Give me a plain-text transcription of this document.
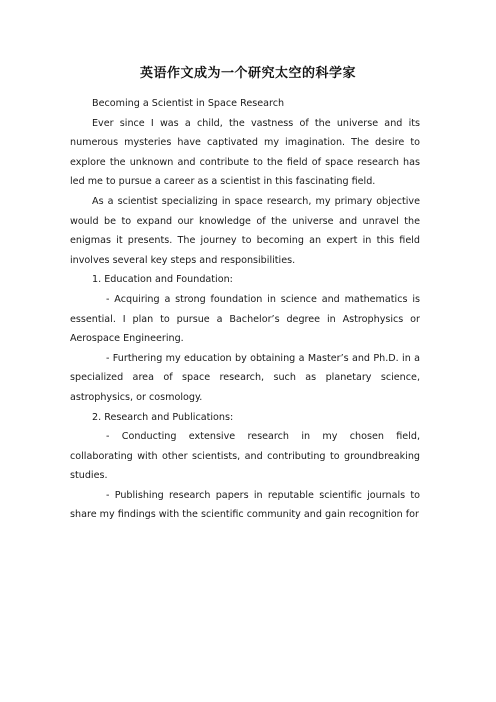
英语作文成为一个研究太空的科学家

Becoming a Scientist in Space Research

Ever since I was a child, the vastness of the universe and its numerous mysteries have captivated my imagination. The desire to explore the unknown and contribute to the field of space research has led me to pursue a career as a scientist in this fascinating field.

As a scientist specializing in space research, my primary objective would be to expand our knowledge of the universe and unravel the enigmas it presents. The journey to becoming an expert in this field involves several key steps and responsibilities.

1. Education and Foundation:

- Acquiring a strong foundation in science and mathematics is essential. I plan to pursue a Bachelor’s degree in Astrophysics or Aerospace Engineering.

- Furthering my education by obtaining a Master’s and Ph.D. in a specialized area of space research, such as planetary science, astrophysics, or cosmology.

2. Research and Publications:

- Conducting extensive research in my chosen field, collaborating with other scientists, and contributing to groundbreaking studies.

- Publishing research papers in reputable scientific journals to share my findings with the scientific community and gain recognition for
